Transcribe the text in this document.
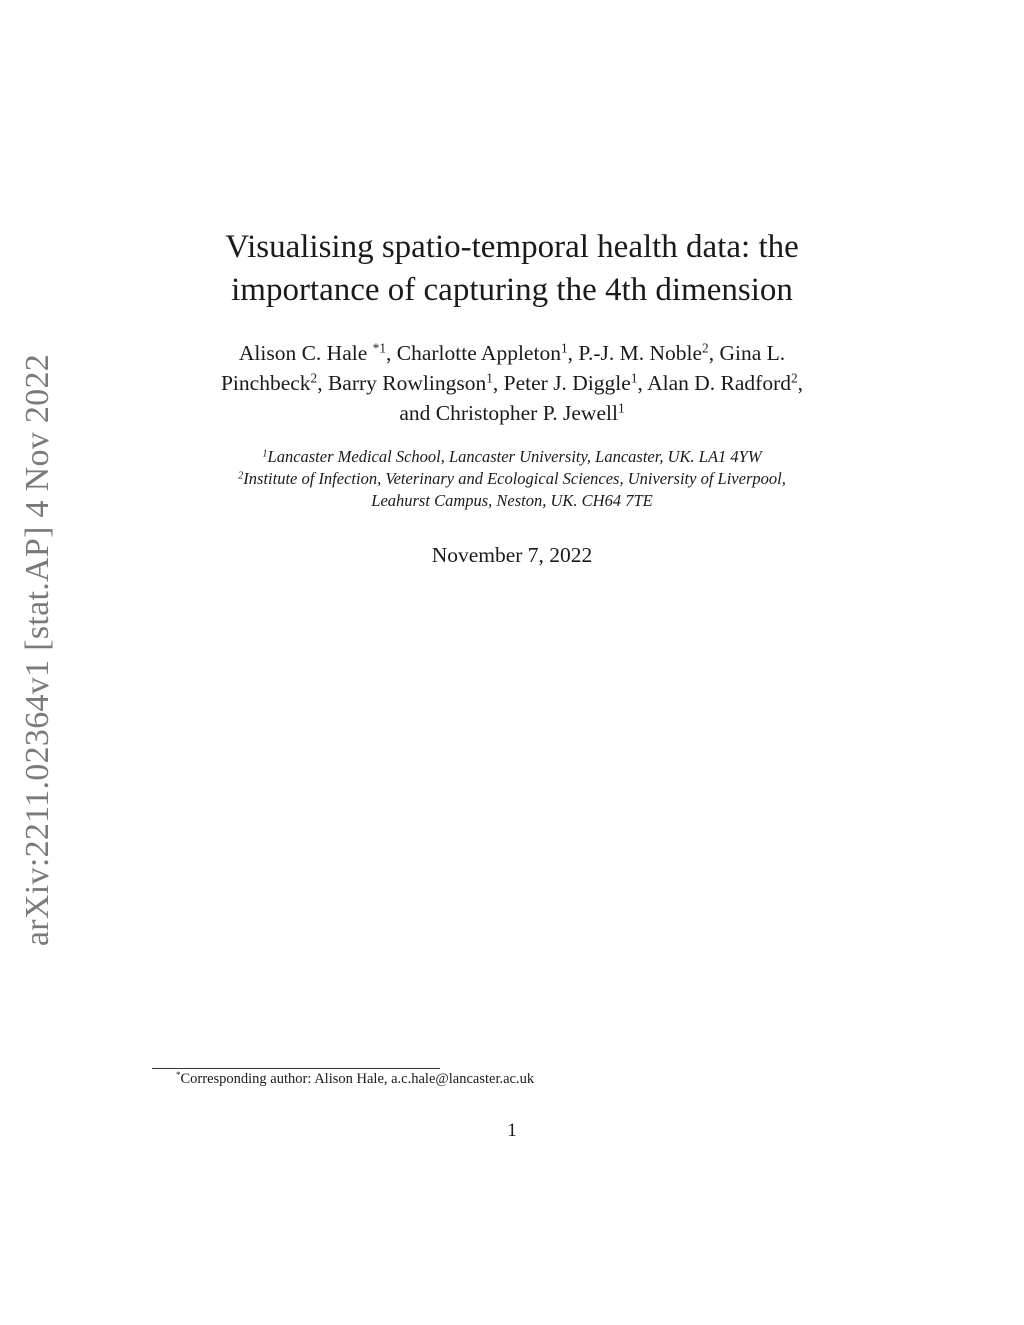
arXiv:2211.02364v1 [stat.AP] 4 Nov 2022
Visualising spatio-temporal health data: the
importance of capturing the 4th dimension
Alison C. Hale $^{*1}$, Charlotte Appleton$^1$, P.-J. M. Noble$^2$, Gina L.
Pinchbeck$^2$, Barry Rowlingson$^1$, Peter J. Diggle$^1$, Alan D. Radford$^2$,
and Christopher P. Jewell$^1$
$^1$Lancaster Medical School, Lancaster University, Lancaster, UK. LA1 4YW
$^2$Institute of Infection, Veterinary and Ecological Sciences, University of Liverpool,
Leahurst Campus, Neston, UK. CH64 7TE
November 7, 2022
*Corresponding author: Alison Hale, a.c.hale@lancaster.ac.uk
1
